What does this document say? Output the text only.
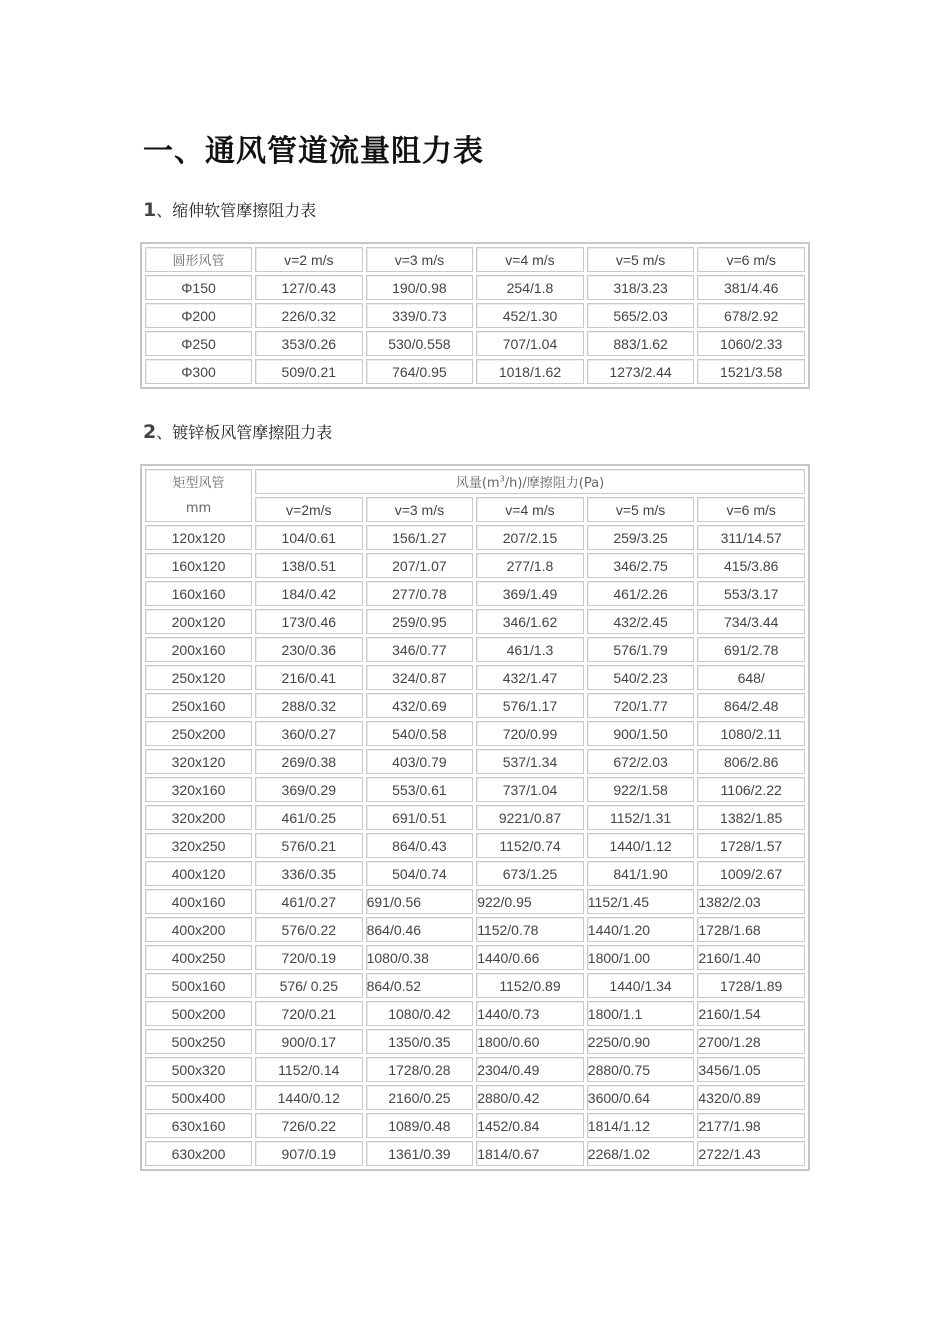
一、通风管道流量阻力表
1、缩伸软管摩擦阻力表
圆形风管	v=2 m/s	v=3 m/s	v=4 m/s	v=5 m/s	v=6 m/s
Φ150	127/0.43	190/0.98	254/1.8	318/3.23	381/4.46
Φ200	226/0.32	339/0.73	452/1.30	565/2.03	678/2.92
Φ250	353/0.26	530/0.558	707/1.04	883/1.62	1060/2.33
Φ300	509/0.21	764/0.95	1018/1.62	1273/2.44	1521/3.58
2、镀锌板风管摩擦阻力表
矩型风管
mm	风量$(m^3/h)/$摩擦阻力(Pa)				
	v=2m/s	v=3 m/s	v=4 m/s	v=5 m/s	v=6 m/s
120x120	104/0.61	156/1.27	207/2.15	259/3.25	311/14.57
160x120	138/0.51	207/1.07	277/1.8	346/2.75	415/3.86
160x160	184/0.42	277/0.78	369/1.49	461/2.26	553/3.17
200x120	173/0.46	259/0.95	346/1.62	432/2.45	734/3.44
200x160	230/0.36	346/0.77	461/1.3	576/1.79	691/2.78
250x120	216/0.41	324/0.87	432/1.47	540/2.23	648/
250x160	288/0.32	432/0.69	576/1.17	720/1.77	864/2.48
250x200	360/0.27	540/0.58	720/0.99	900/1.50	1080/2.11
320x120	269/0.38	403/0.79	537/1.34	672/2.03	806/2.86
320x160	369/0.29	553/0.61	737/1.04	922/1.58	1106/2.22
320x200	461/0.25	691/0.51	9221/0.87	1152/1.31	1382/1.85
320x250	576/0.21	864/0.43	1152/0.74	1440/1.12	1728/1.57
400x120	336/0.35	504/0.74	673/1.25	841/1.90	1009/2.67
400x160	461/0.27	691/0.56	922/0.95	1152/1.45	1382/2.03
400x200	576/0.22	864/0.46	1152/0.78	1440/1.20	1728/1.68
400x250	720/0.19	1080/0.38	1440/0.66	1800/1.00	2160/1.40
500x160	576/ 0.25	864/0.52	1152/0.89	1440/1.34	1728/1.89
500x200	720/0.21	1080/0.42	1440/0.73	1800/1.1	2160/1.54
500x250	900/0.17	1350/0.35	1800/0.60	2250/0.90	2700/1.28
500x320	1152/0.14	1728/0.28	2304/0.49	2880/0.75	3456/1.05
500x400	1440/0.12	2160/0.25	2880/0.42	3600/0.64	4320/0.89
630x160	726/0.22	1089/0.48	1452/0.84	1814/1.12	2177/1.98
630x200	907/0.19	1361/0.39	1814/0.67	2268/1.02	2722/1.43
